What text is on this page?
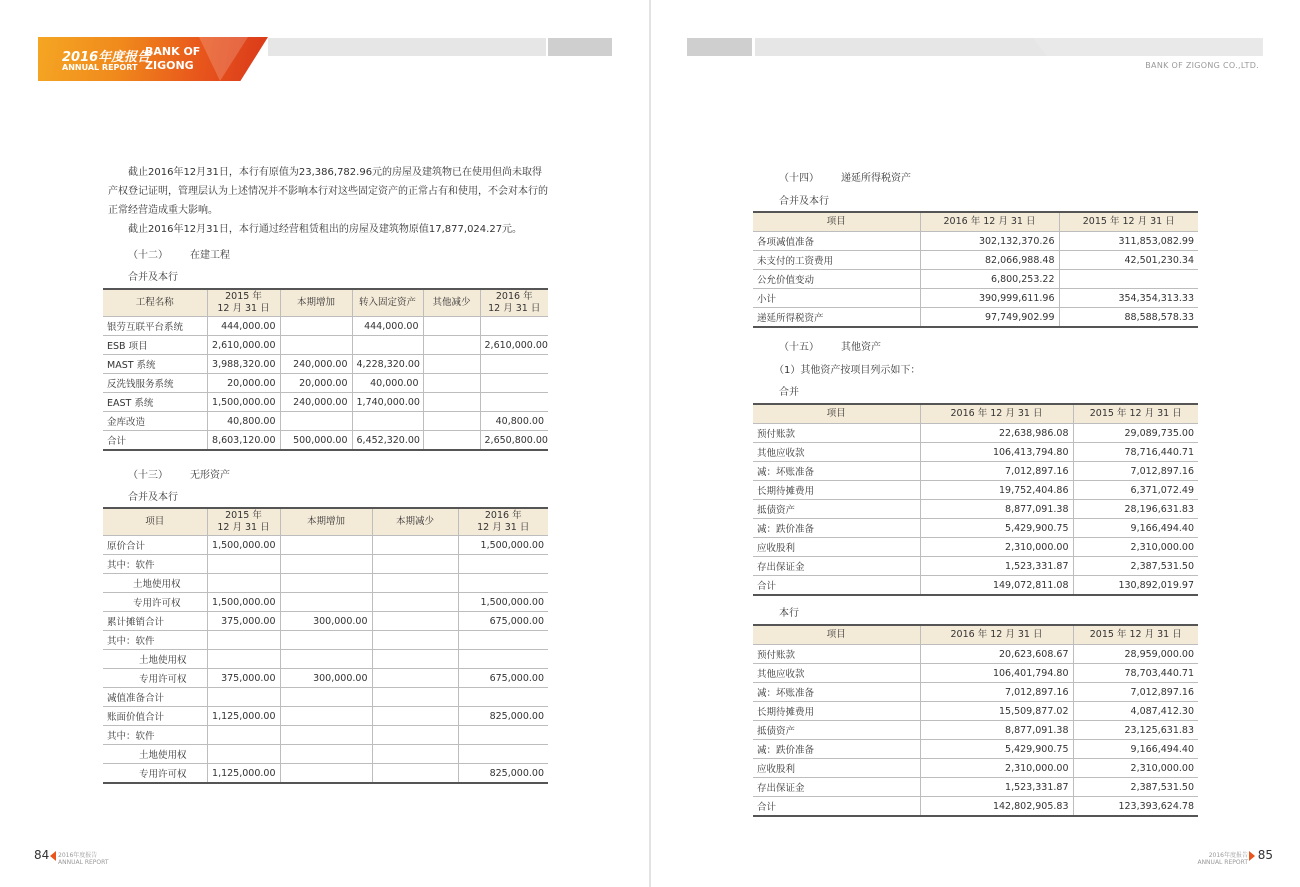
2016年度报告
ANNUAL REPORT
BANK OF
ZIGONG
截止2016年12月31日，本行有原值为23,386,782.96元的房屋及建筑物已在使用但尚未取得产权登记证明，管理层认为上述情况并不影响本行对这些固定资产的正常占有和使用，不会对本行的正常经营造成重大影响。
截止2016年12月31日，本行通过经营租赁租出的房屋及建筑物原值17,877,024.27元。
（十二） 在建工程
合并及本行
工程名称	2015 年
12 月 31 日	本期增加	转入固定资产	其他减少	2016 年
12 月 31 日
银劳互联平台系统	444,000.00		444,000.00		
ESB 项目	2,610,000.00				2,610,000.00
MAST 系统	3,988,320.00	240,000.00	4,228,320.00		
反洗钱服务系统	20,000.00	20,000.00	40,000.00		
EAST 系统	1,500,000.00	240,000.00	1,740,000.00		
金库改造	40,800.00				40,800.00
合计	8,603,120.00	500,000.00	6,452,320.00		2,650,800.00
（十三） 无形资产
合并及本行
项目	2015 年
12 月 31 日	本期增加	本期减少	2016 年
12 月 31 日
原价合计	1,500,000.00			1,500,000.00
其中：软件				
土地使用权				
专用许可权	1,500,000.00			1,500,000.00
累计摊销合计	375,000.00	300,000.00		675,000.00
其中：软件				
土地使用权				
专用许可权	375,000.00	300,000.00		675,000.00
减值准备合计				
账面价值合计	1,125,000.00			825,000.00
其中：软件				
土地使用权				
专用许可权	1,125,000.00			825,000.00
84 2016年度报告
ANNUAL REPORT
BANK OF ZIGONG CO.,LTD.
（十四） 递延所得税资产
合并及本行
项目	2016 年 12 月 31 日	2015 年 12 月 31 日
各项减值准备	302,132,370.26	311,853,082.99
未支付的工资费用	82,066,988.48	42,501,230.34
公允价值变动	6,800,253.22	
小计	390,999,611.96	354,354,313.33
递延所得税资产	97,749,902.99	88,588,578.33
（十五） 其他资产
（1）其他资产按项目列示如下：
合并
项目	2016 年 12 月 31 日	2015 年 12 月 31 日
预付账款	22,638,986.08	29,089,735.00
其他应收款	106,413,794.80	78,716,440.71
减：坏账准备	7,012,897.16	7,012,897.16
长期待摊费用	19,752,404.86	6,371,072.49
抵债资产	8,877,091.38	28,196,631.83
减：跌价准备	5,429,900.75	9,166,494.40
应收股利	2,310,000.00	2,310,000.00
存出保证金	1,523,331.87	2,387,531.50
合计	149,072,811.08	130,892,019.97
本行
项目	2016 年 12 月 31 日	2015 年 12 月 31 日
预付账款	20,623,608.67	28,959,000.00
其他应收款	106,401,794.80	78,703,440.71
减：坏账准备	7,012,897.16	7,012,897.16
长期待摊费用	15,509,877.02	4,087,412.30
抵债资产	8,877,091.38	23,125,631.83
减：跌价准备	5,429,900.75	9,166,494.40
应收股利	2,310,000.00	2,310,000.00
存出保证金	1,523,331.87	2,387,531.50
合计	142,802,905.83	123,393,624.78
2016年度报告
ANNUAL REPORT
85
